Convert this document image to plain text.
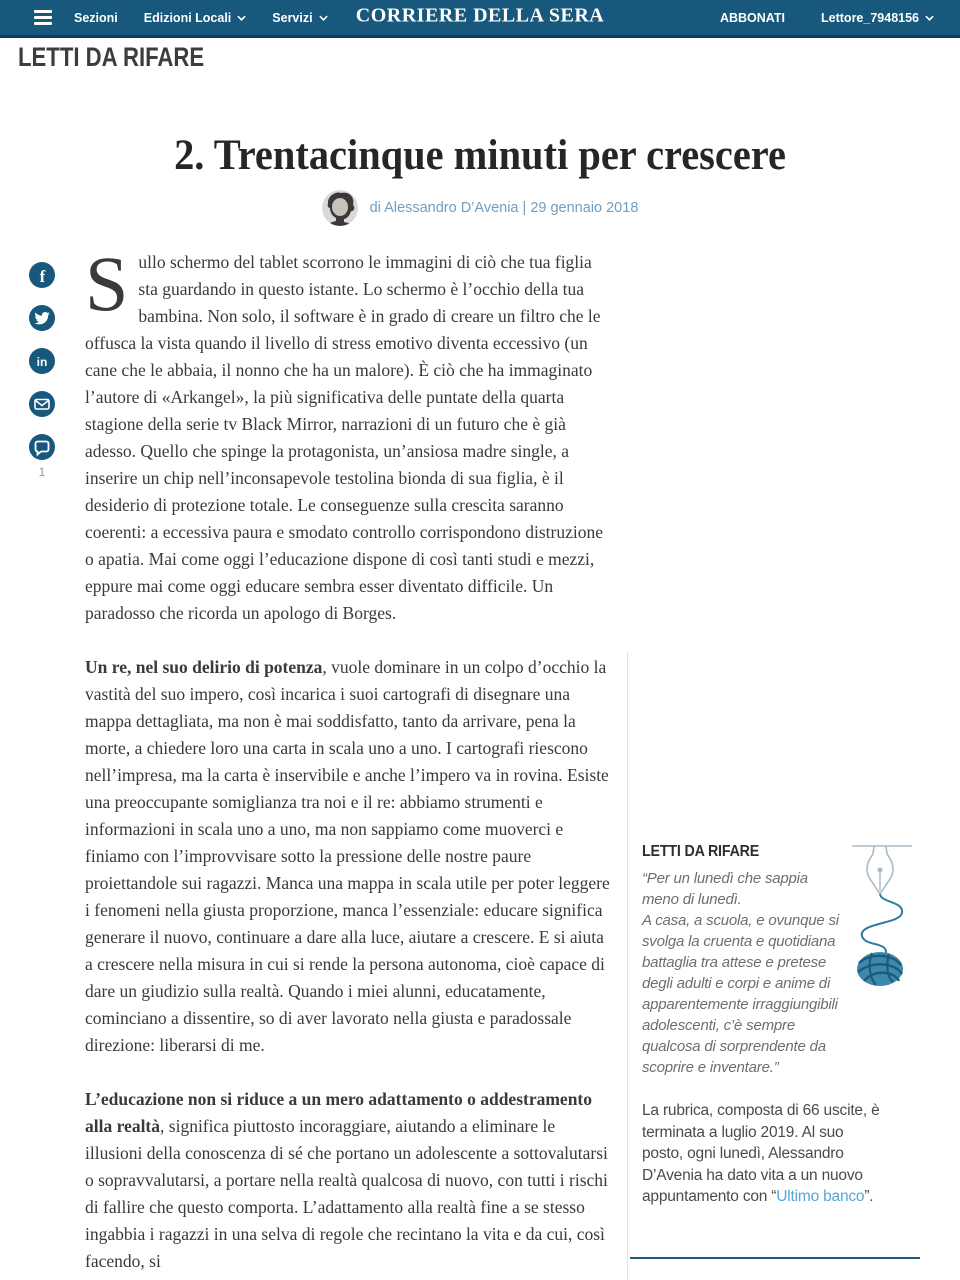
Sezioni Edizioni Locali	Servizi CORRIERE DELLA SERA	ABBONATI	Lettore_7948156
LETTI DA RIFARE
2. Trentacinque minuti per crescere
di Alessandro D’Avenia | 29 gennaio 2018
f
in
1

Sullo schermo del tablet scorrono le immagini di ciò che tua figlia sta guardando in questo istante. Lo schermo è l’occhio della tua bambina. Non solo, il software è in grado di creare un filtro che le offusca la vista quando il livello di stress emotivo diventa eccessivo (un cane che le abbaia, il nonno che ha un malore). È ciò che ha immaginato l’autore di «Arkangel», la più significativa delle puntate della quarta stagione della serie tv Black Mirror, narrazioni di un futuro che è già adesso. Quello che spinge la protagonista, un’ansiosa madre single, a inserire un chip nell’inconsapevole testolina bionda di sua figlia, è il desiderio di protezione totale. Le conseguenze sulla crescita saranno coerenti: a eccessiva paura e smodato controllo corrispondono distruzione o apatia. Mai come oggi l’educazione dispone di così tanti studi e mezzi, eppure mai come oggi educare sembra esser diventato difficile. Un paradosso che ricorda un apologo di Borges.

Un re, nel suo delirio di potenza, vuole dominare in un colpo d’occhio la vastità del suo impero, così incarica i suoi cartografi di disegnare una mappa dettagliata, ma non è mai soddisfatto, tanto da arrivare, pena la morte, a chiedere loro una carta in scala uno a uno. I cartografi riescono nell’impresa, ma la carta è inservibile e anche l’impero va in rovina. Esiste una preoccupante somiglianza tra noi e il re: abbiamo strumenti e informazioni in scala uno a uno, ma non sappiamo come muoverci e finiamo con l’improvvisare sotto la pressione delle nostre paure proiettandole sui ragazzi. Manca una mappa in scala utile per poter leggere i fenomeni nella giusta proporzione, manca l’essenziale: educare significa generare il nuovo, continuare a dare alla luce, aiutare a crescere. E si aiuta a crescere nella misura in cui si rende la persona autonoma, cioè capace di dare un giudizio sulla realtà. Quando i miei alunni, educatamente, cominciano a dissentire, so di aver lavorato nella giusta e paradossale direzione: liberarsi di me.

L’educazione non si riduce a un mero adattamento o addestramento alla realtà, significa piuttosto incoraggiare, aiutando a eliminare le illusioni della conoscenza di sé che portano un adolescente a sottovalutarsi o sopravvalutarsi, a portare nella realtà qualcosa di nuovo, con tutti i rischi di fallire che questo comporta. L’adattamento alla realtà fine a se stesso ingabbia i ragazzi in una selva di regole che recintano la vita e da cui, così facendo, si

LETTI DA RIFARE
“Per un lunedì che sappia meno di lunedì.
A casa, a scuola, e ovunque si svolga la cruenta e quotidiana battaglia tra attese e pretese degli adulti e corpi e anime di apparentemente irraggiungibili adolescenti, c’è sempre qualcosa di sorprendente da scoprire e inventare.”
La rubrica, composta di 66 uscite, è terminata a luglio 2019. Al suo posto, ogni lunedì, Alessandro D’Avenia ha dato vita a un nuovo appuntamento con “Ultimo banco”.
